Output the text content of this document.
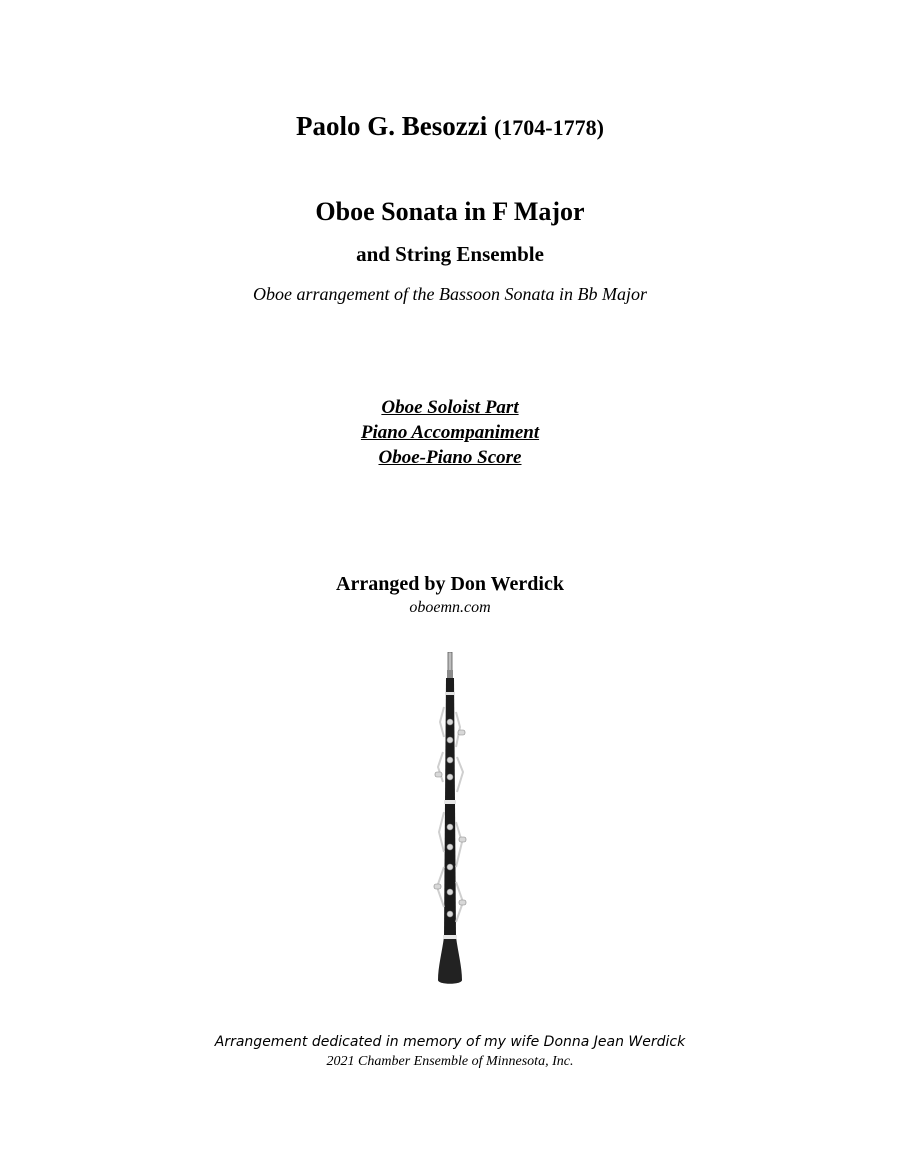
Paolo G. Besozzi (1704-1778)
Oboe Sonata in F Major
and String Ensemble
Oboe arrangement of the Bassoon Sonata in Bb Major
Oboe Soloist Part
Piano Accompaniment
Oboe-Piano Score
Arranged by Don Werdick
oboemn.com
Arrangement dedicated in memory of my wife Donna Jean Werdick
2021 Chamber Ensemble of Minnesota, Inc.
